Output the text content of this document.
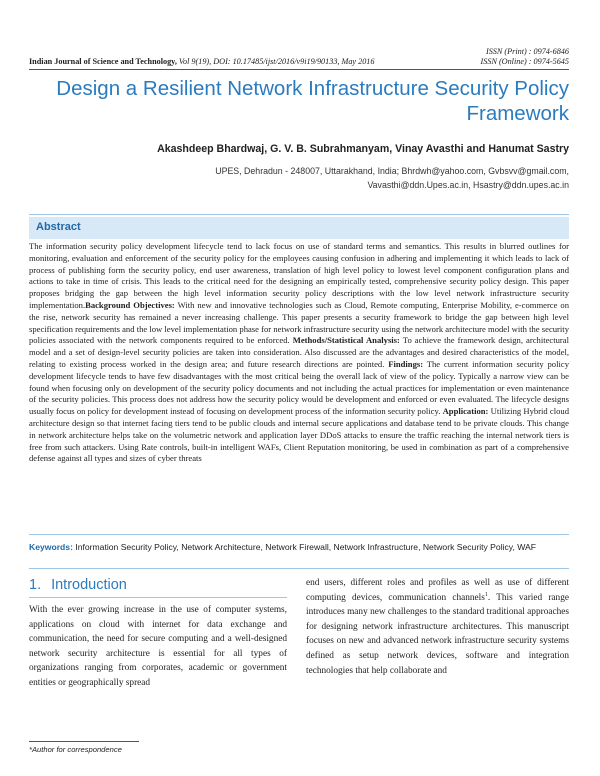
ISSN (Print) : 0974-6846
ISSN (Online) : 0974-5645
Indian Journal of Science and Technology, Vol 9(19), DOI: 10.17485/ijst/2016/v9i19/90133, May 2016
Design a Resilient Network Infrastructure Security Policy Framework
Akashdeep Bhardwaj, G. V. B. Subrahmanyam, Vinay Avasthi and Hanumat Sastry
UPES, Dehradun - 248007, Uttarakhand, India; Bhrdwh@yahoo.com, Gvbsvv@gmail.com, Vavasthi@ddn.Upes.ac.in, Hsastry@ddn.upes.ac.in
Abstract
The information security policy development lifecycle tend to lack focus on use of standard terms and semantics. This results in blurred outlines for monitoring, evaluation and enforcement of the security policy for the employees causing confusion in adhering and implementing it which leads to lack of process of publishing form the security policy, end user awareness, translation of high level policy to lowest level component configuration plans and actions to take in time of crisis. This leads to the critical need for the designing an empirically tested, comprehensive security policy design. This paper proposes bridging the gap between the high level information security policy descriptions with the low level network infrastructure security implementation.Background Objectives: With new and innovative technologies such as Cloud, Remote computing, Enterprise Mobility, e-commerce on the rise, network security has remained a never increasing challenge. This paper presents a security framework to bridge the gap between high level specification requirements and the low level implementation phase for network infrastructure security using the network architecture model with the security policies associated with the network components required to be enforced. Methods/Statistical Analysis: To achieve the framework design, architectural model and a set of design-level security policies are taken into consideration. Also discussed are the advantages and desired characteristics of the model, relating to existing process worked in the design area; and future research directions are pointed. Findings: The current information security policy development lifecycle tends to have few disadvantages with the most critical being the overall lack of view of the policy. Typically a narrow view can be found when focusing only on development of the security policy documents and not including the actual practices for implementation or even maintenance of the security policies. This process does not address how the security policy would be development and enforced or even evaluated. The lifecycle designs usually focus on policy for development instead of focusing on development process of the information security policy. Application: Utilizing Hybrid cloud architecture design so that internet facing tiers tend to be public clouds and internal secure applications and database tend to be private clouds. This change in network architecture helps take on the volumetric network and application layer DDoS attacks to ensure the traffic reaching the internal network tiers is free from such attackers. Using Rate controls, built-in intelligent WAFs, Client Reputation monitoring, be used in combination as part of a comprehensive defense against all types and sizes of cyber threats
Keywords: Information Security Policy, Network Architecture, Network Firewall, Network Infrastructure, Network Security Policy, WAF
1. Introduction
With the ever growing increase in the use of computer systems, applications on cloud with internet for data exchange and communication, the need for secure computing and a well-designed network security architecture is essential for all types of organizations ranging from corporates, academic or government entities or geographically spread
end users, different roles and profiles as well as use of different computing devices, communication channels$^1$. This varied range introduces many new challenges to the standard traditional approaches for designing network infrastructure architectures. This manuscript focuses on new and advanced network infrastructure security systems defined as setup network devices, software and integration technologies that help collaborate and
*Author for correspondence
